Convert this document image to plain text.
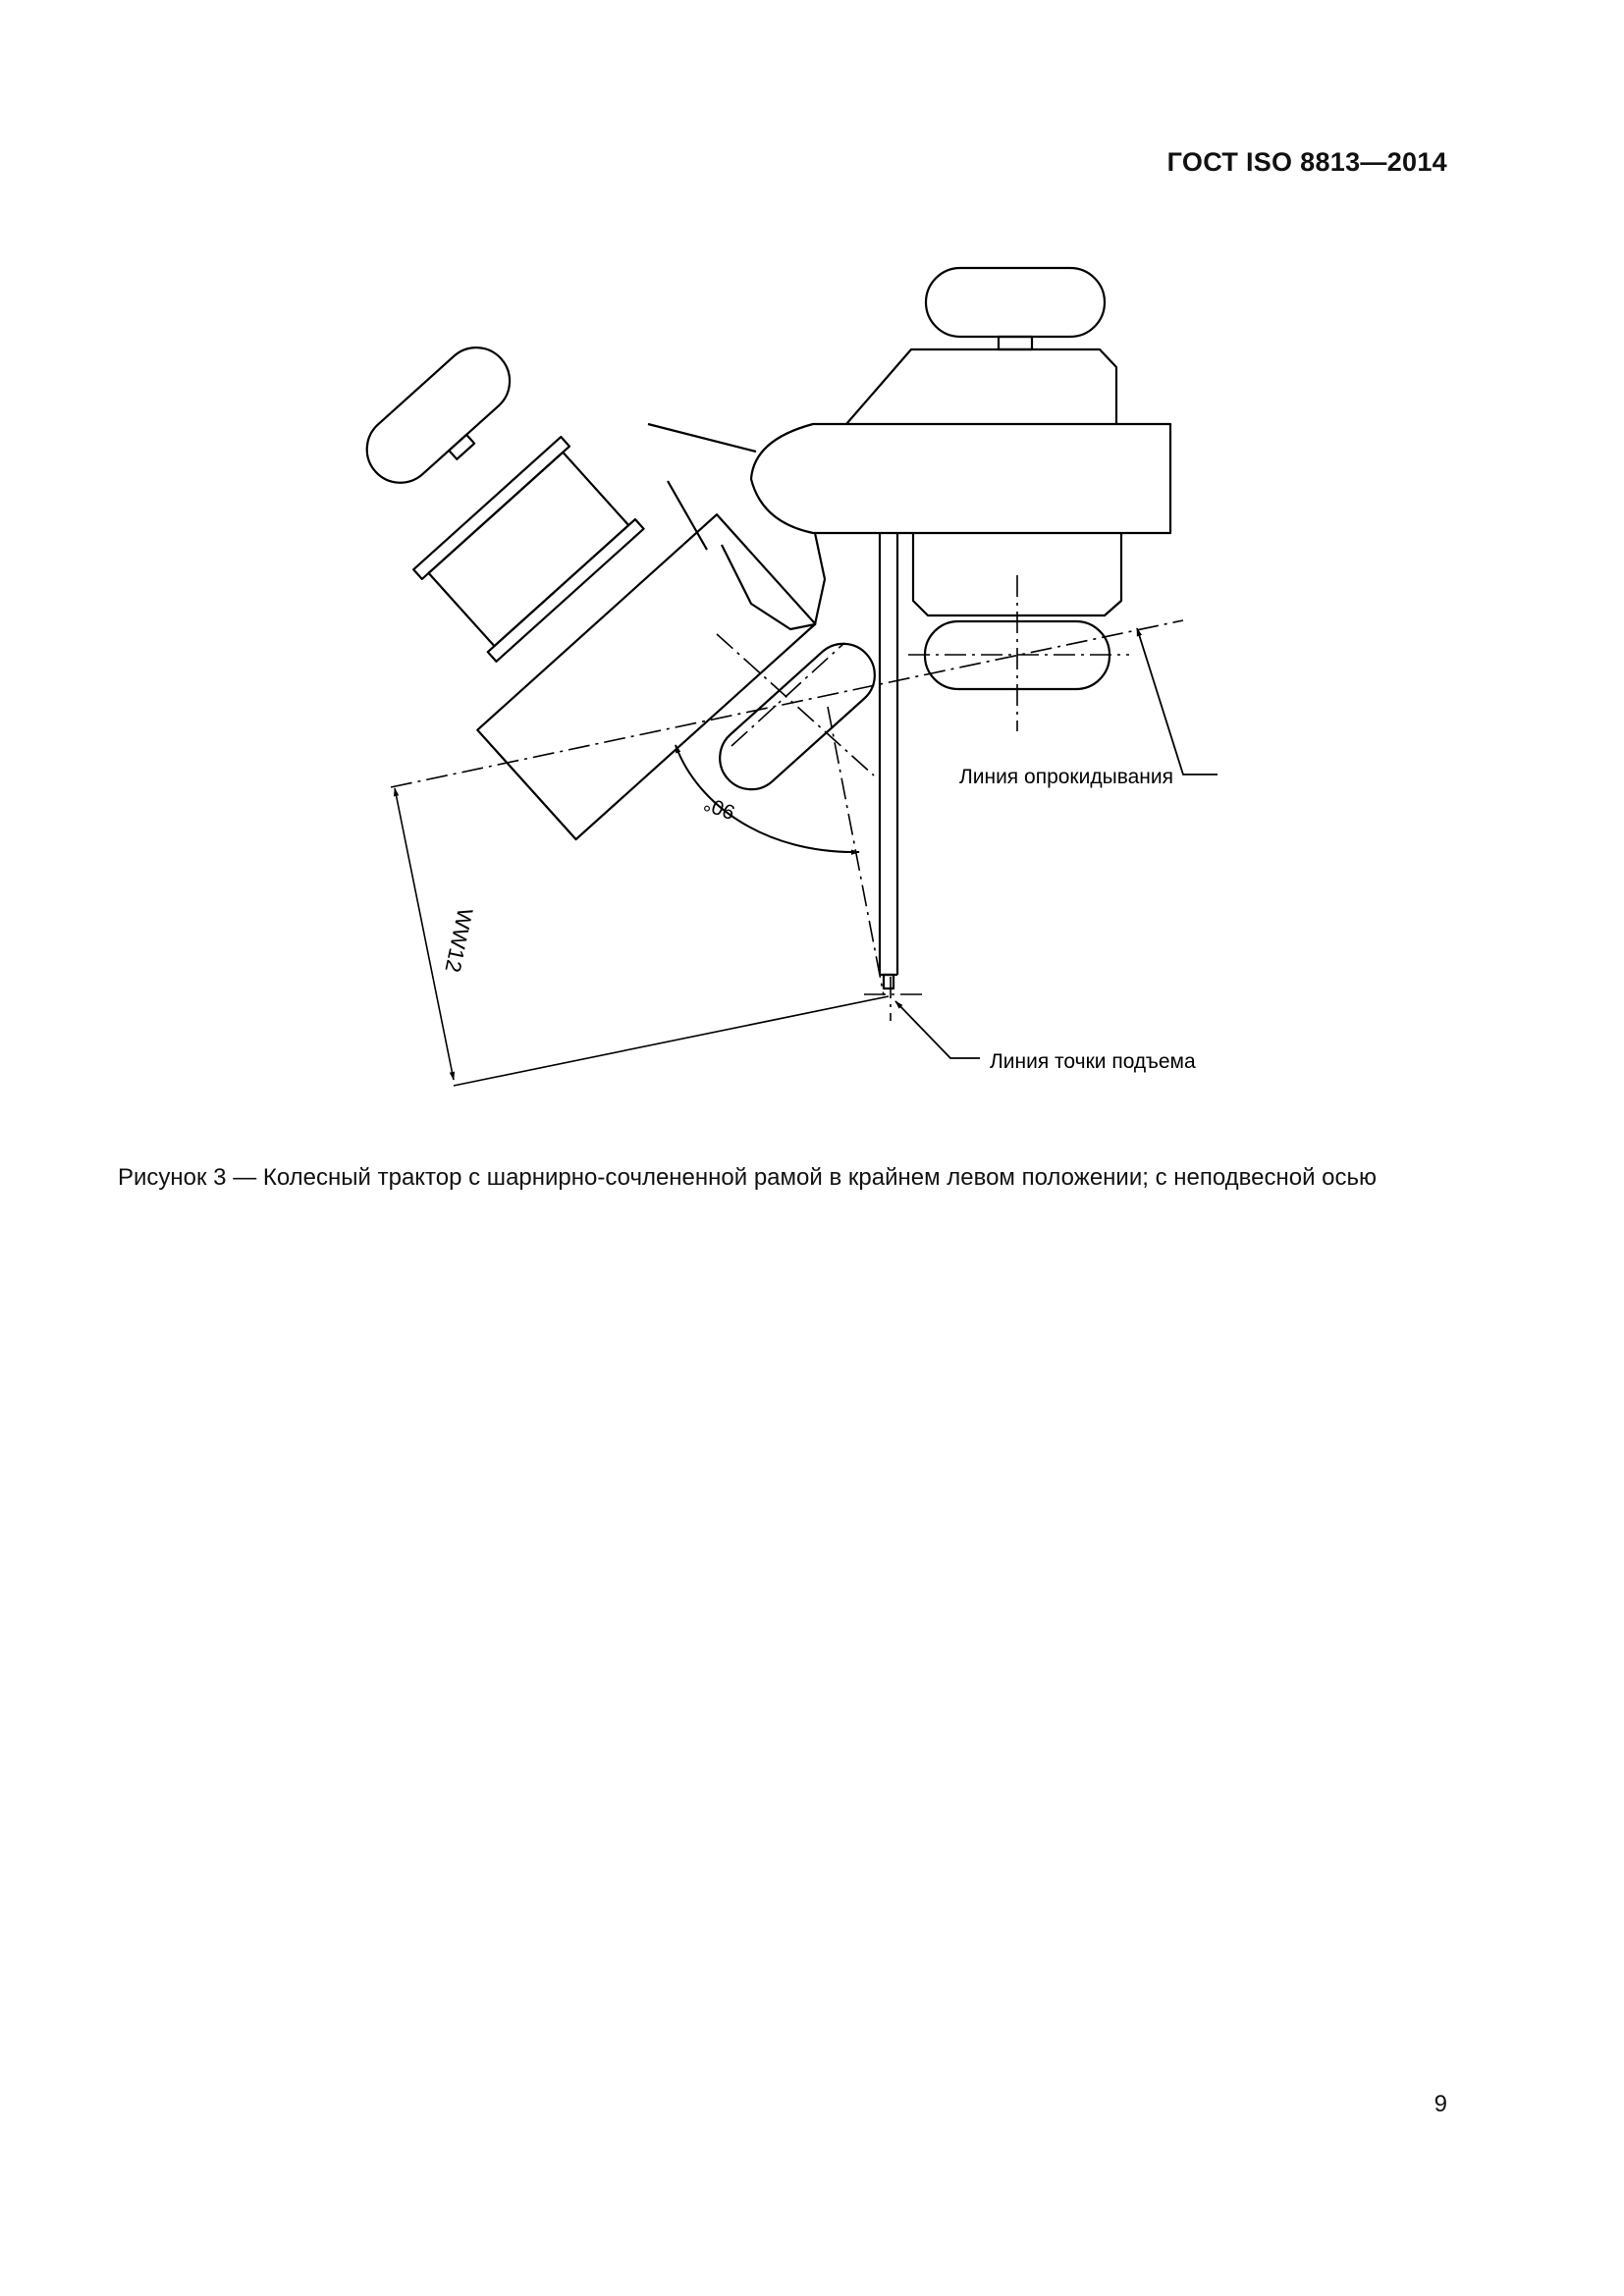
ГОСТ ISO 8813—2014
Линия опрокидывания
Линия точки подъема
90°
WW12
Рисунок 3 — Колесный трактор с шарнирно-сочлененной рамой в крайнем левом положении; с неподвесной осью
9
